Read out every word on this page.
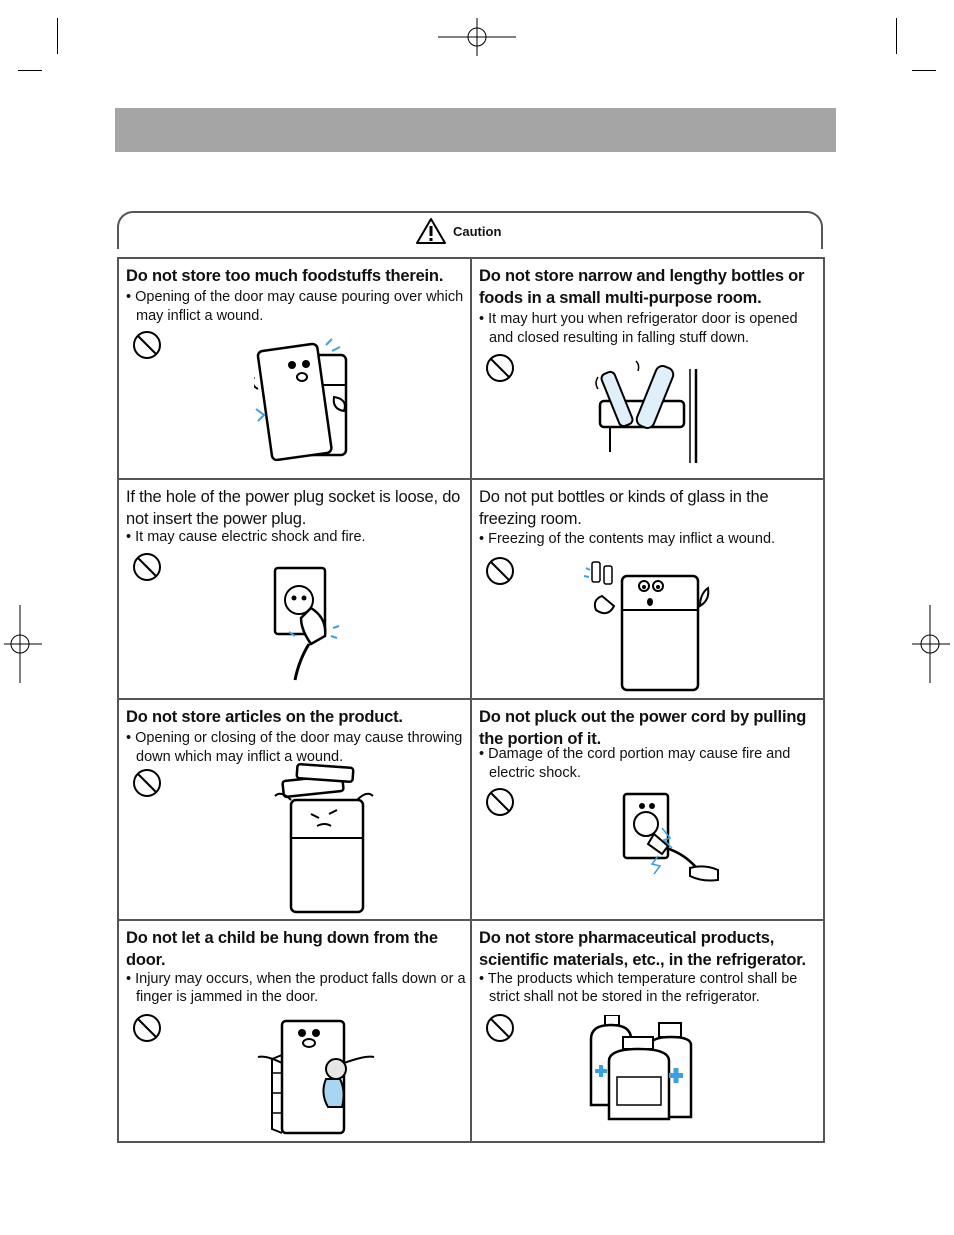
Caution
Do not store too much foodstuffs therein.
• Opening of the door may cause pouring over which may inflict a wound.
Do not store narrow and lengthy bottles or foods in a small multi-purpose room.
• It may hurt you when refrigerator door is opened and closed resulting in falling stuff down.
If the hole of the power plug socket is loose, do not insert the power plug.
• It may cause electric shock and fire.
Do not put bottles or kinds of glass in the freezing room.
• Freezing of the contents may inflict a wound.
Do not store articles on the product.
• Opening or closing of the door may cause throwing down which may inflict a wound.
Do not pluck out the power cord by pulling the portion of it.
• Damage of the cord portion may cause fire and electric shock.
Do not let a child be hung down from the door.
• Injury may occurs, when the product falls down or a finger is jammed in the door.
Do not store pharmaceutical products, scientific materials, etc., in the refrigerator.
• The products which temperature control shall be strict shall not be stored in the refrigerator.
